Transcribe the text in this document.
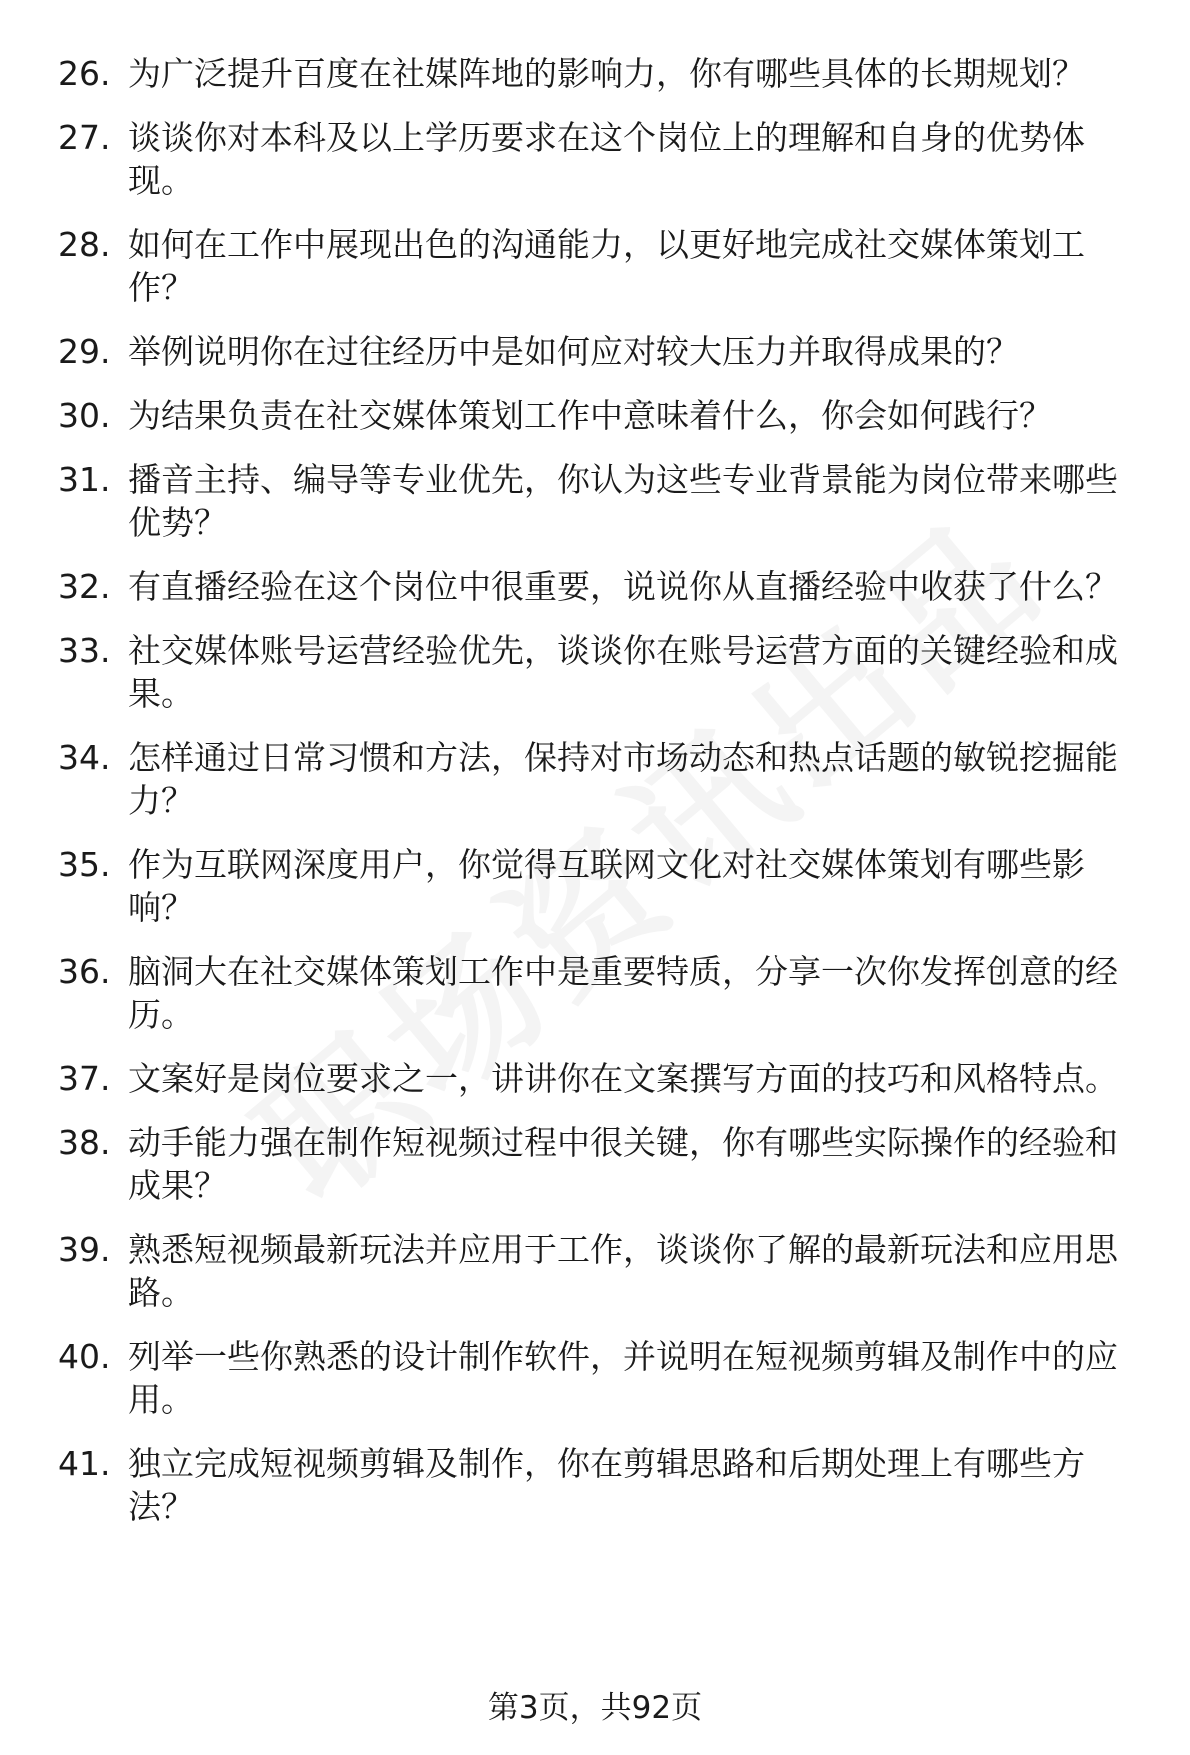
26. 为广泛提升百度在社媒阵地的影响力，你有哪些具体的长期规划？
27. 谈谈你对本科及以上学历要求在这个岗位上的理解和自身的优势体现。
28. 如何在工作中展现出色的沟通能力，以更好地完成社交媒体策划工作？
29. 举例说明你在过往经历中是如何应对较大压力并取得成果的？
30. 为结果负责在社交媒体策划工作中意味着什么，你会如何践行？
31. 播音主持、编导等专业优先，你认为这些专业背景能为岗位带来哪些优势？
32. 有直播经验在这个岗位中很重要，说说你从直播经验中收获了什么？
33. 社交媒体账号运营经验优先，谈谈你在账号运营方面的关键经验和成果。
34. 怎样通过日常习惯和方法，保持对市场动态和热点话题的敏锐挖掘能力？
35. 作为互联网深度用户，你觉得互联网文化对社交媒体策划有哪些影响？
36. 脑洞大在社交媒体策划工作中是重要特质，分享一次你发挥创意的经历。
37. 文案好是岗位要求之一，讲讲你在文案撰写方面的技巧和风格特点。
38. 动手能力强在制作短视频过程中很关键，你有哪些实际操作的经验和成果？
39. 熟悉短视频最新玩法并应用于工作，谈谈你了解的最新玩法和应用思路。
40. 列举一些你熟悉的设计制作软件，并说明在短视频剪辑及制作中的应用。
41. 独立完成短视频剪辑及制作，你在剪辑思路和后期处理上有哪些方法？
第3页，共92页
